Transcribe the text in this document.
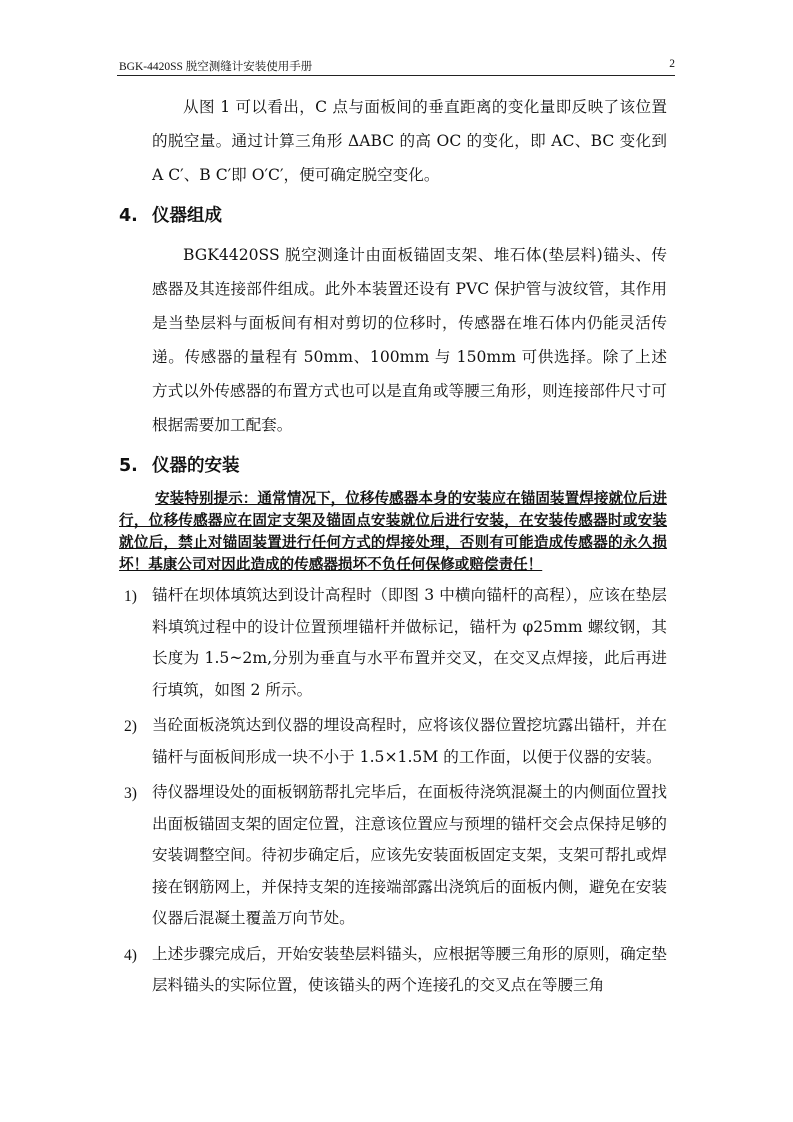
BGK-4420SS 脱空测缝计安装使用手册	2

从图 1 可以看出，C 点与面板间的垂直距离的变化量即反映了该位置的脱空量。通过计算三角形 ΔABC 的高 OC 的变化，即 AC、BC 变化到 A C′、B C′即 O′C′，便可确定脱空变化。

4. 仪器组成

BGK4420SS 脱空测逢计由面板锚固支架、堆石体(垫层料)锚头、传感器及其连接部件组成。此外本装置还设有 PVC 保护管与波纹管，其作用是当垫层料与面板间有相对剪切的位移时，传感器在堆石体内仍能灵活传递。传感器的量程有 50mm、100mm 与 150mm 可供选择。除了上述方式以外传感器的布置方式也可以是直角或等腰三角形，则连接部件尺寸可根据需要加工配套。

5. 仪器的安装
安装特别提示：通常情况下，位移传感器本身的安装应在锚固装置焊接就位后进行，位移传感器应在固定支架及锚固点安装就位后进行安装，在安装传感器时或安装就位后，禁止对锚固装置进行任何方式的焊接处理，否则有可能造成传感器的永久损坏！基康公司对因此造成的传感器损坏不负任何保修或赔偿责任！
1) 锚杆在坝体填筑达到设计高程时（即图 3 中横向锚杆的高程），应该在垫层料填筑过程中的设计位置预埋锚杆并做标记，锚杆为 φ25mm 螺纹钢，其长度为 1.5~2m,分别为垂直与水平布置并交叉，在交叉点焊接，此后再进行填筑，如图 2 所示。

2) 当砼面板浇筑达到仪器的埋设高程时，应将该仪器位置挖坑露出锚杆，并在锚杆与面板间形成一块不小于 1.5×1.5M 的工作面，以便于仪器的安装。

3) 待仪器埋设处的面板钢筋帮扎完毕后，在面板待浇筑混凝土的内侧面位置找出面板锚固支架的固定位置，注意该位置应与预埋的锚杆交会点保持足够的安装调整空间。待初步确定后，应该先安装面板固定支架，支架可帮扎或焊接在钢筋网上，并保持支架的连接端部露出浇筑后的面板内侧，避免在安装仪器后混凝土覆盖万向节处。

4) 上述步骤完成后，开始安装垫层料锚头，应根据等腰三角形的原则，确定垫层料锚头的实际位置，使该锚头的两个连接孔的交叉点在等腰三角
